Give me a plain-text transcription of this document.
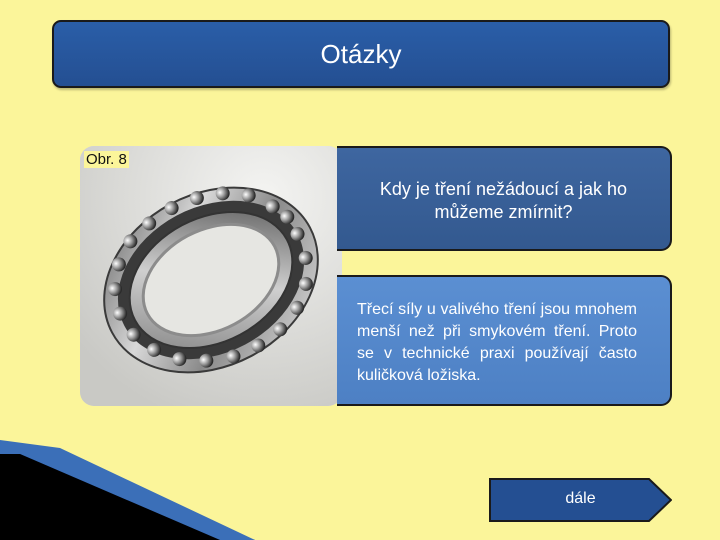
Otázky
Obr. 8
Kdy je tření nežádoucí a jak ho můžeme zmírnit?
Třecí síly u valivého tření jsou mnohem menší než při smykovém tření. Proto se v technické praxi používají často kuličková ložiska.
dále
